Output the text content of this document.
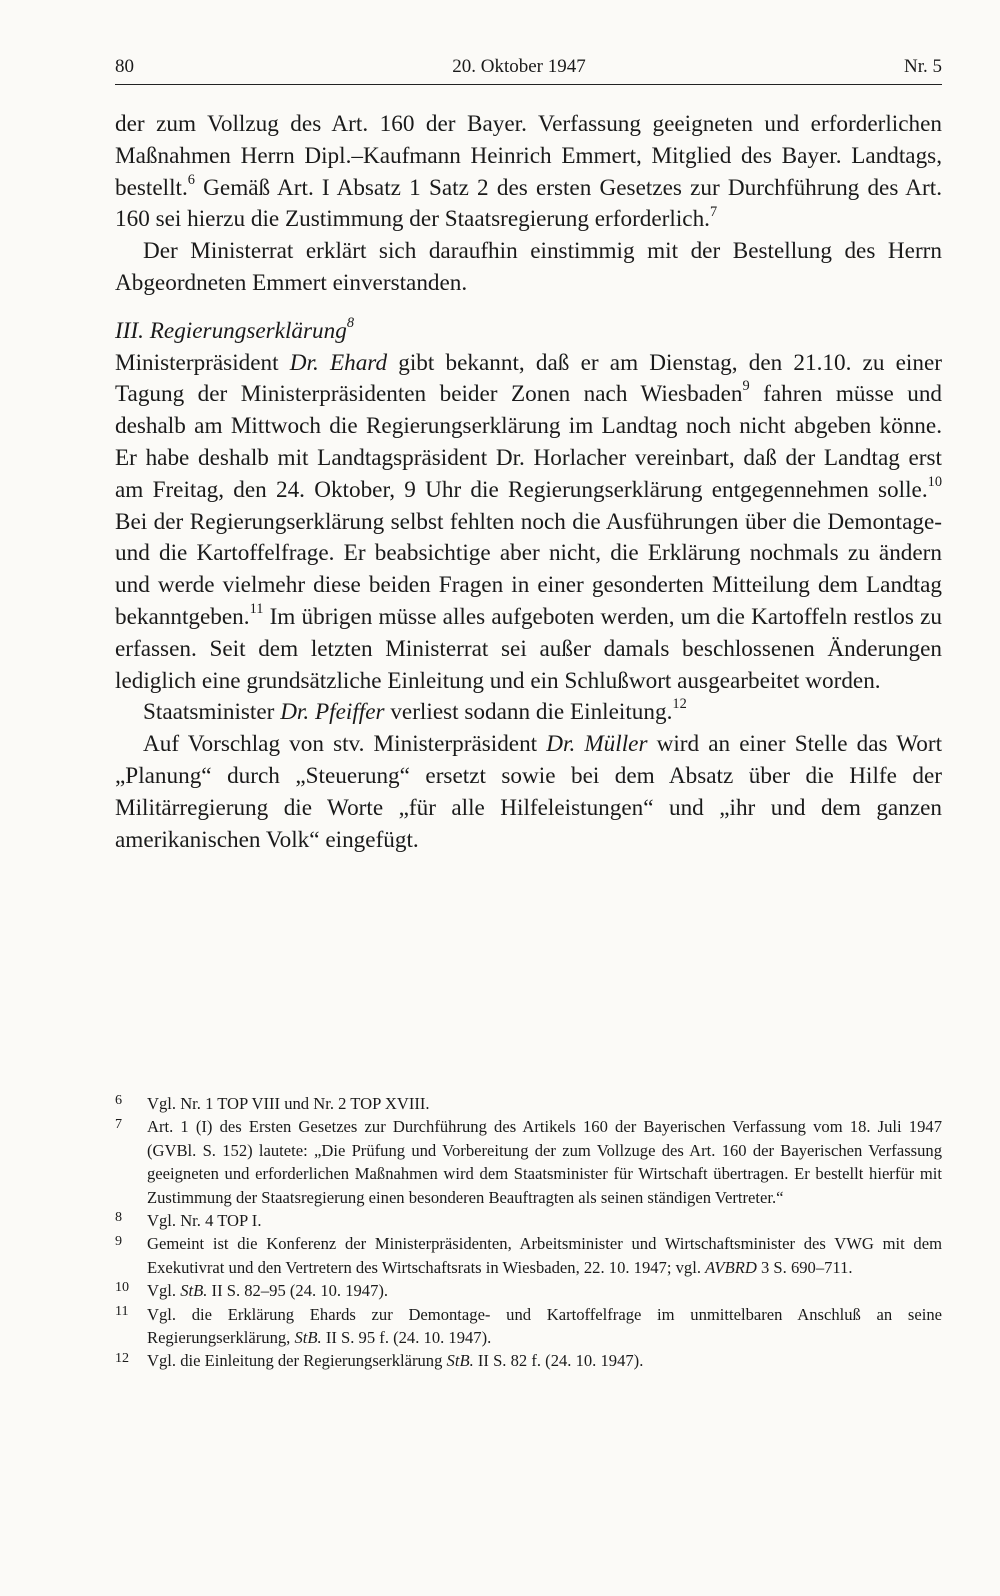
80	20. Oktober 1947	Nr. 5

der zum Vollzug des Art. 160 der Bayer. Verfassung geeigneten und erforderlichen Maßnahmen Herrn Dipl.–Kaufmann Heinrich Emmert, Mitglied des Bayer. Landtags, bestellt.$^6$ Gemäß Art. I Absatz 1 Satz 2 des ersten Gesetzes zur Durchführung des Art. 160 sei hierzu die Zustimmung der Staatsregierung erforderlich.$^7$

Der Ministerrat erklärt sich daraufhin einstimmig mit der Bestellung des Herrn Abgeordneten Emmert einverstanden.

III. Regierungserklärung$^8$

Ministerpräsident Dr. Ehard gibt bekannt, daß er am Dienstag, den 21.10. zu einer Tagung der Ministerpräsidenten beider Zonen nach Wiesbaden$^9$ fahren müsse und deshalb am Mittwoch die Regierungserklärung im Landtag noch nicht abgeben könne. Er habe deshalb mit Landtagspräsident Dr. Horlacher vereinbart, daß der Landtag erst am Freitag, den 24. Oktober, 9 Uhr die Regierungserklärung entgegennehmen solle.$^{10}$ Bei der Regierungserklärung selbst fehlten noch die Ausführungen über die Demontage- und die Kartoffelfrage. Er beabsichtige aber nicht, die Erklärung nochmals zu ändern und werde vielmehr diese beiden Fragen in einer gesonderten Mitteilung dem Landtag bekanntgeben.$^{11}$ Im übrigen müsse alles aufgeboten werden, um die Kartoffeln restlos zu erfassen. Seit dem letzten Ministerrat sei außer damals beschlossenen Änderungen lediglich eine grundsätzliche Einleitung und ein Schlußwort ausgearbeitet worden.

Staatsminister Dr. Pfeiffer verliest sodann die Einleitung.$^{12}$

Auf Vorschlag von stv. Ministerpräsident Dr. Müller wird an einer Stelle das Wort „Planung“ durch „Steuerung“ ersetzt sowie bei dem Absatz über die Hilfe der Militärregierung die Worte „für alle Hilfeleistungen“ und „ihr und dem ganzen amerikanischen Volk“ eingefügt.

6	Vgl. Nr. 1 TOP VIII und Nr. 2 TOP XVIII.
7	Art. 1 (I) des Ersten Gesetzes zur Durchführung des Artikels 160 der Bayerischen Verfassung vom 18. Juli 1947 (GVBl. S. 152) lautete: „Die Prüfung und Vorbereitung der zum Vollzuge des Art. 160 der Bayerischen Verfassung geeigneten und erforderlichen Maßnahmen wird dem Staatsminister für Wirtschaft übertragen. Er bestellt hierfür mit Zustimmung der Staatsregierung einen besonderen Beauftragten als seinen ständigen Vertreter.“
8	Vgl. Nr. 4 TOP I.
9	Gemeint ist die Konferenz der Ministerpräsidenten, Arbeitsminister und Wirtschaftsminister des VWG mit dem Exekutivrat und den Vertretern des Wirtschaftsrats in Wiesbaden, 22. 10. 1947; vgl. AVBRD 3 S. 690–711.
10	Vgl. StB. II S. 82–95 (24. 10. 1947).
11	Vgl. die Erklärung Ehards zur Demontage- und Kartoffelfrage im unmittelbaren Anschluß an seine Regierungserklärung, StB. II S. 95 f. (24. 10. 1947).
12	Vgl. die Einleitung der Regierungserklärung StB. II S. 82 f. (24. 10. 1947).
